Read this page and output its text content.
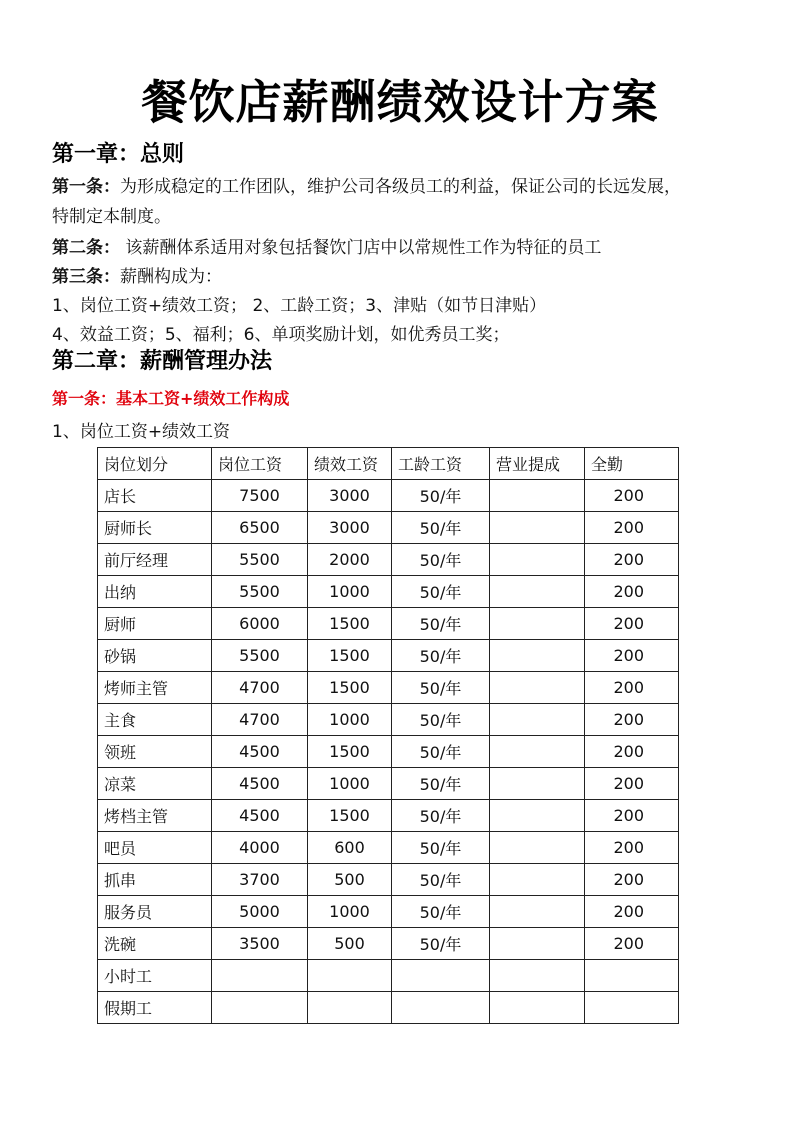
餐饮店薪酬绩效设计方案
第一章：总则
第一条：为形成稳定的工作团队，维护公司各级员工的利益，保证公司的长远发展，
特制定本制度。
第二条： 该薪酬体系适用对象包括餐饮门店中以常规性工作为特征的员工
第三条：薪酬构成为：
1、岗位工资+绩效工资； 2、工龄工资；3、津贴（如节日津贴）
4、效益工资；5、福利；6、单项奖励计划，如优秀员工奖；
第二章：薪酬管理办法
第一条：基本工资+绩效工作构成
1、岗位工资+绩效工资
岗位划分	岗位工资	绩效工资	工龄工资	营业提成	全勤
店长	7500	3000	50/年		200
厨师长	6500	3000	50/年		200
前厅经理	5500	2000	50/年		200
出纳	5500	1000	50/年		200
厨师	6000	1500	50/年		200
砂锅	5500	1500	50/年		200
烤师主管	4700	1500	50/年		200
主食	4700	1000	50/年		200
领班	4500	1500	50/年		200
凉菜	4500	1000	50/年		200
烤档主管	4500	1500	50/年		200
吧员	4000	600	50/年		200
抓串	3700	500	50/年		200
服务员	5000	1000	50/年		200
洗碗	3500	500	50/年		200
小时工					
假期工					
